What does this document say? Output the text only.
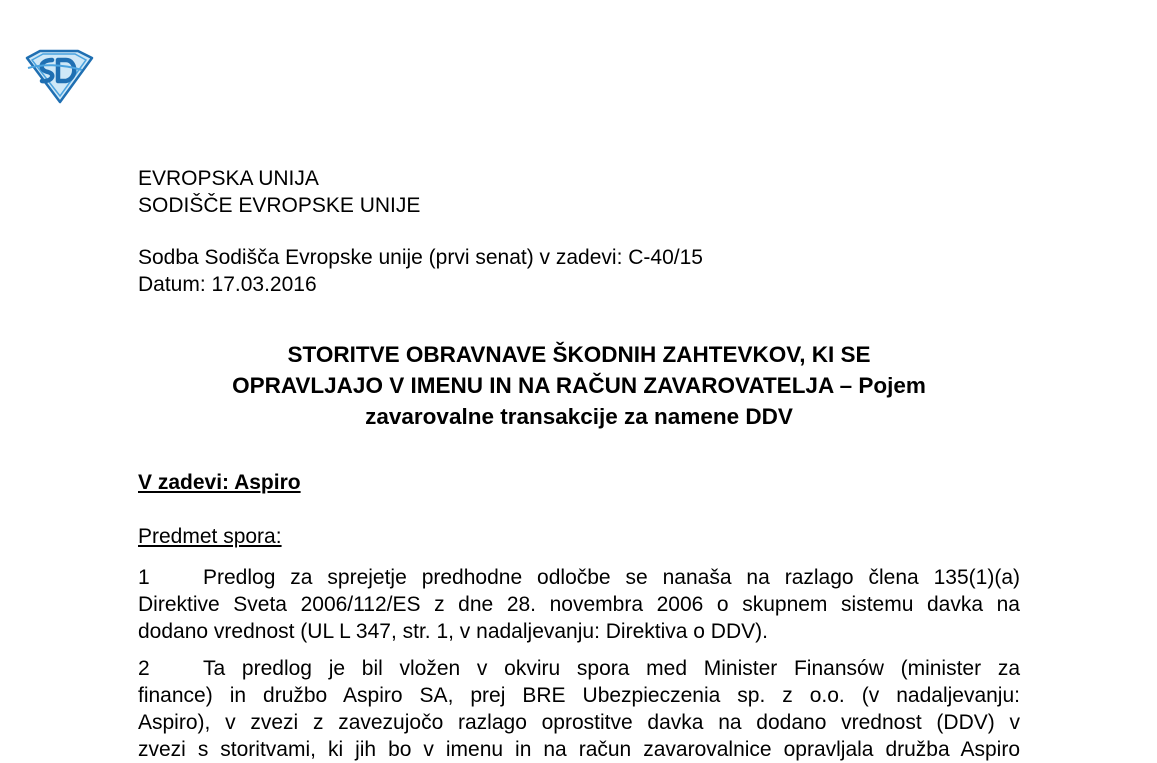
EVROPSKA UNIJA
SODIŠČE EVROPSKE UNIJE
Sodba Sodišča Evropske unije (prvi senat) v zadevi: C-40/15
Datum: 17.03.2016
STORITVE OBRAVNAVE ŠKODNIH ZAHTEVKOV, KI SE
OPRAVLJAJO V IMENU IN NA RAČUN ZAVAROVATELJA – Pojem
zavarovalne transakcije za namene DDV
V zadevi: Aspiro
Predmet spora:
1	Predlog za sprejetje predhodne odločbe se nanaša na razlago člena 135(1)(a)
Direktive Sveta 2006/112/ES z dne 28. novembra 2006 o skupnem sistemu davka na
dodano vrednost (UL L 347, str. 1, v nadaljevanju: Direktiva o DDV).
2	Ta predlog je bil vložen v okviru spora med Minister Finansów (minister za
finance) in družbo Aspiro SA, prej BRE Ubezpieczenia sp. z o.o. (v nadaljevanju:
Aspiro), v zvezi z zavezujočo razlago oprostitve davka na dodano vrednost (DDV) v
zvezi s storitvami, ki jih bo v imenu in na račun zavarovalnice opravljala družba Aspiro
